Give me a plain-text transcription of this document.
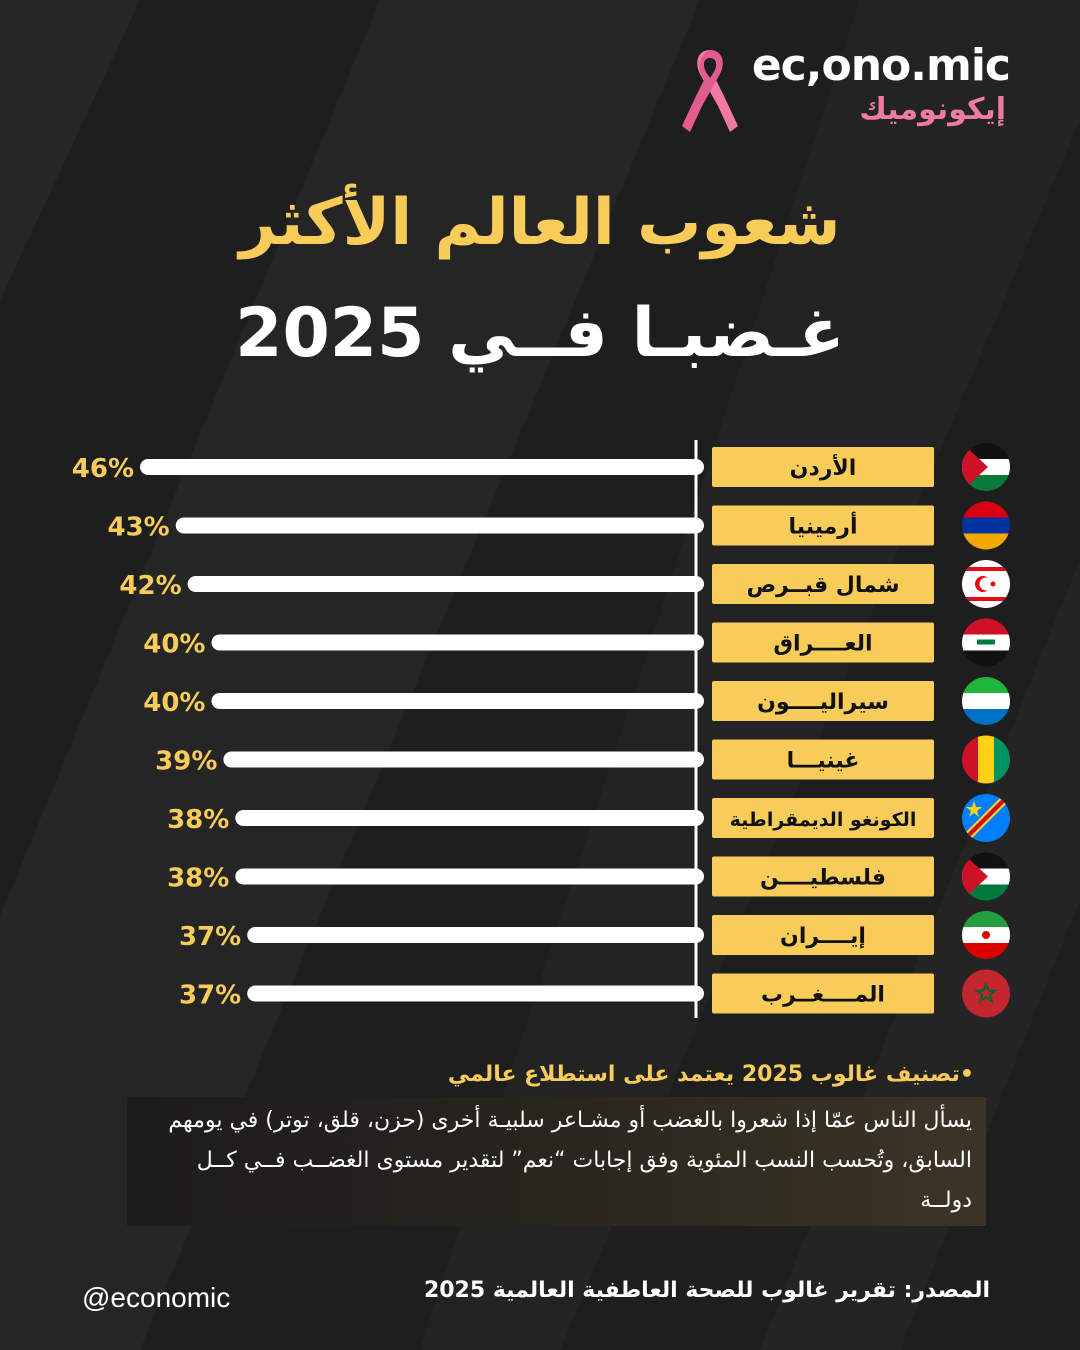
ec,ono.mic
إيكونوميك
شعوب العالم الأكثر
غـضبـا فــي 2025
46%	الأردن
43%	أرمينيا
42%	شمال قبــرص
40%	العــــراق
40%	سيراليــــون
39%	غينيـــا
38%	الكونغو الديمقراطية
38%	فلسطيــــن
37%	إيــــران
37%	المــــغــرب
•تصنيف غالوب 2025 يعتمد على استطلاع عالمي
يسأل الناس عمّا إذا شعروا بالغضب أو مشـاعر سلبيـة أخرى (حزن، قلق، توتر) في يومهم السابق، وتُحسب النسب المئوية وفق إجابات “نعم” لتقدير مستوى الغضــب فــي كــل دولــة
المصدر: تقرير غالوب للصحة العاطفية العالمية 2025
@economic
